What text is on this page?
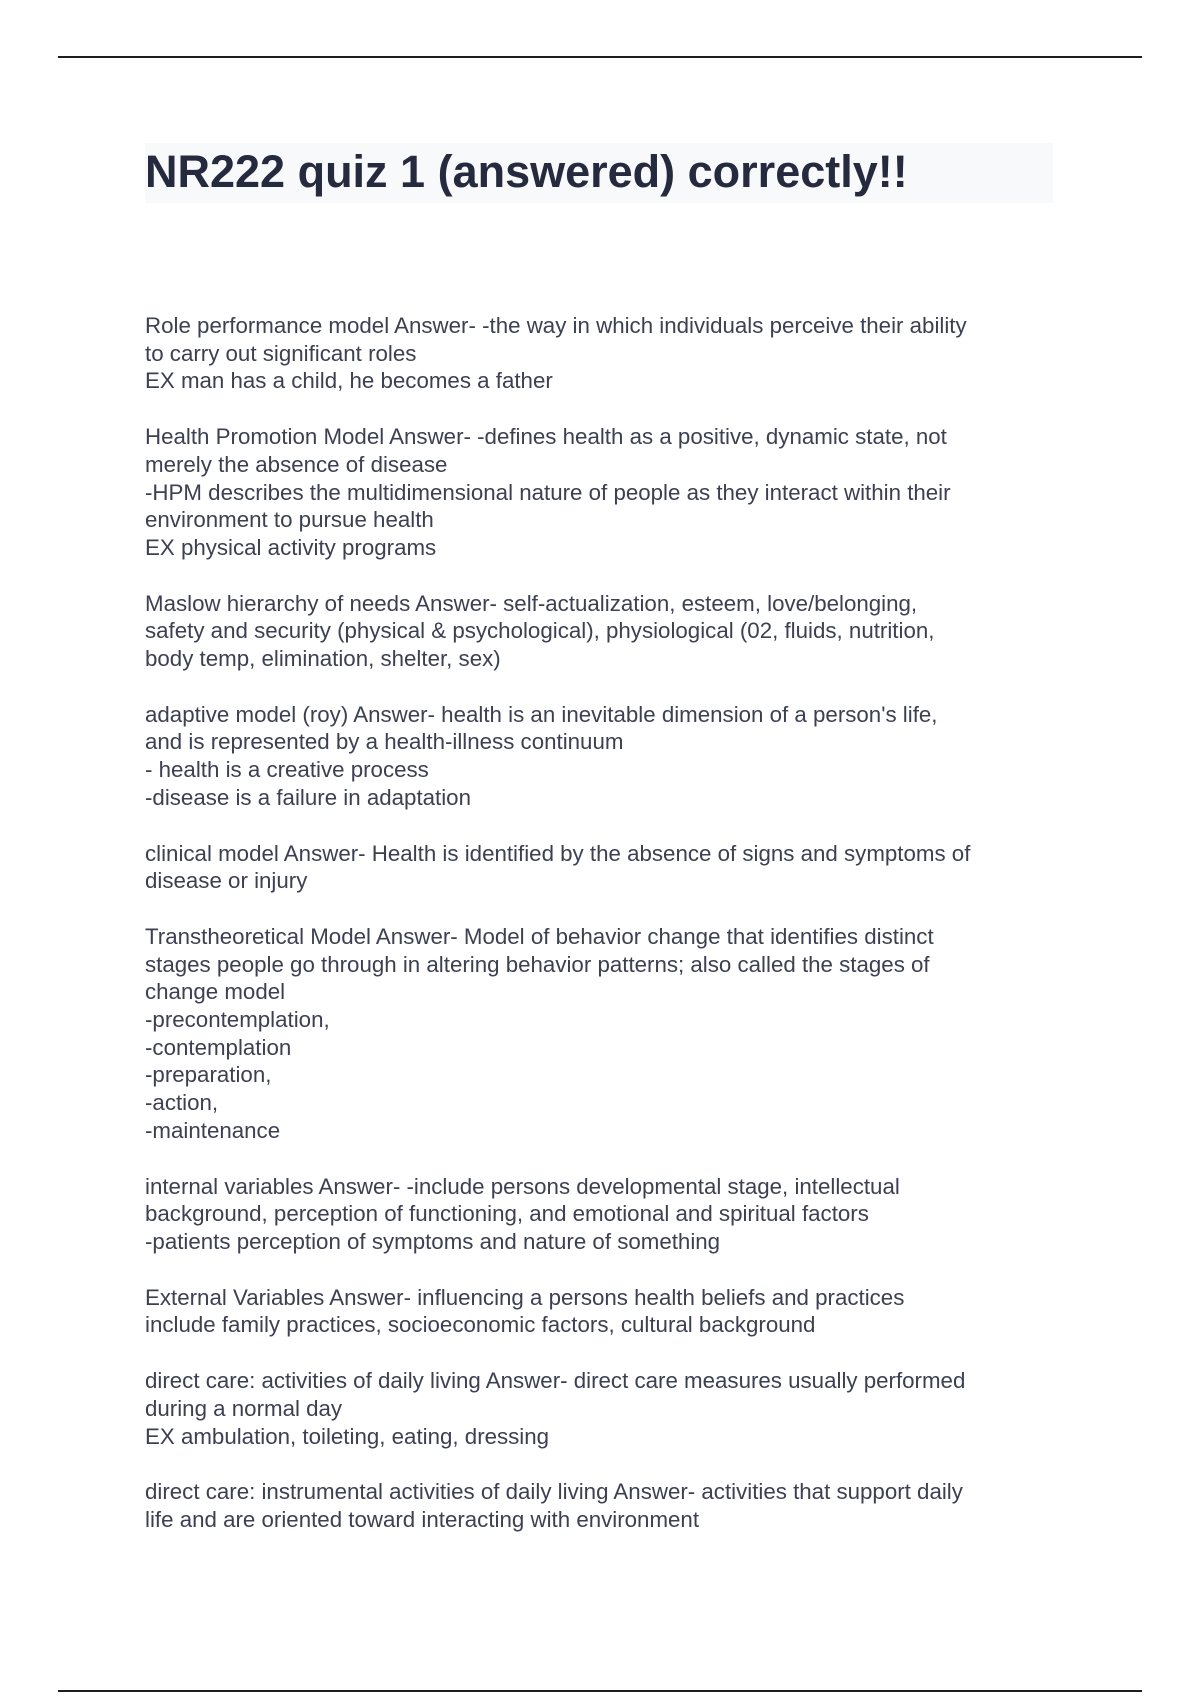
NR222 quiz 1 (answered) correctly!!
Role performance model Answer- -the way in which individuals perceive their ability
to carry out significant roles
EX man has a child, he becomes a father
Health Promotion Model Answer- -defines health as a positive, dynamic state, not
merely the absence of disease
-HPM describes the multidimensional nature of people as they interact within their
environment to pursue health
EX physical activity programs
Maslow hierarchy of needs Answer- self-actualization, esteem, love/belonging,
safety and security (physical & psychological), physiological (02, fluids, nutrition,
body temp, elimination, shelter, sex)
adaptive model (roy) Answer- health is an inevitable dimension of a person's life,
and is represented by a health-illness continuum
- health is a creative process
-disease is a failure in adaptation
clinical model Answer- Health is identified by the absence of signs and symptoms of
disease or injury
Transtheoretical Model Answer- Model of behavior change that identifies distinct
stages people go through in altering behavior patterns; also called the stages of
change model
-precontemplation,
-contemplation
-preparation,
-action,
-maintenance
internal variables Answer- -include persons developmental stage, intellectual
background, perception of functioning, and emotional and spiritual factors
-patients perception of symptoms and nature of something
External Variables Answer- influencing a persons health beliefs and practices
include family practices, socioeconomic factors, cultural background
direct care: activities of daily living Answer- direct care measures usually performed
during a normal day
EX ambulation, toileting, eating, dressing
direct care: instrumental activities of daily living Answer- activities that support daily
life and are oriented toward interacting with environment
